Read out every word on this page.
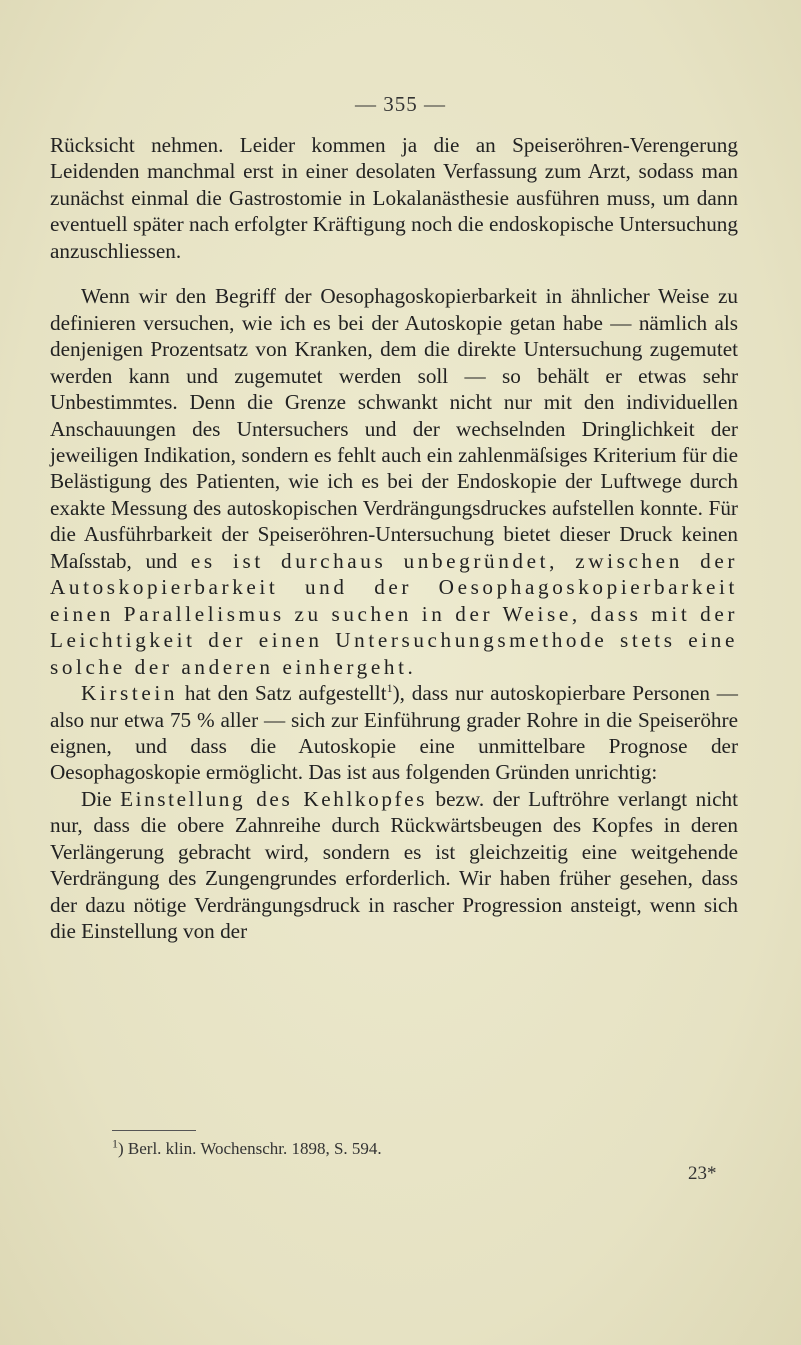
— 355 —

Rücksicht nehmen. Leider kommen ja die an Speiseröhren-Verengerung Leidenden manchmal erst in einer desolaten Verfassung zum Arzt, sodass man zunächst einmal die Gastrostomie in Lokalanästhesie ausführen muss, um dann eventuell später nach erfolgter Kräftigung noch die endoskopische Untersuchung anzuschliessen.

Wenn wir den Begriff der Oesophagoskopierbarkeit in ähnlicher Weise zu definieren versuchen, wie ich es bei der Autoskopie getan habe — nämlich als denjenigen Prozentsatz von Kranken, dem die direkte Untersuchung zugemutet werden kann und zugemutet werden soll — so behält er etwas sehr Unbestimmtes. Denn die Grenze schwankt nicht nur mit den individuellen Anschauungen des Untersuchers und der wechselnden Dringlichkeit der jeweiligen Indikation, sondern es fehlt auch ein zahlenmäſsiges Kriterium für die Belästigung des Patienten, wie ich es bei der Endoskopie der Luftwege durch exakte Messung des autoskopischen Verdrängungsdruckes aufstellen konnte. Für die Ausführbarkeit der Speiseröhren-Untersuchung bietet dieser Druck keinen Maſsstab, und es ist durchaus unbegründet, zwischen der Autoskopierbarkeit und der Oesophagoskopierbarkeit einen Parallelismus zu suchen in der Weise, dass mit der Leichtigkeit der einen Untersuchungsmethode stets eine solche der anderen einhergeht.

Kirstein hat den Satz aufgestellt$^1$), dass nur autoskopierbare Personen — also nur etwa 75 % aller — sich zur Einführung grader Rohre in die Speiseröhre eignen, und dass die Autoskopie eine unmittelbare Prognose der Oesophagoskopie ermöglicht. Das ist aus folgenden Gründen unrichtig:

Die Einstellung des Kehlkopfes bezw. der Luftröhre verlangt nicht nur, dass die obere Zahnreihe durch Rückwärtsbeugen des Kopfes in deren Verlängerung gebracht wird, sondern es ist gleichzeitig eine weitgehende Verdrängung des Zungengrundes erforderlich. Wir haben früher gesehen, dass der dazu nötige Verdrängungsdruck in rascher Progression ansteigt, wenn sich die Einstellung von der

$^1$) Berl. klin. Wochenschr. 1898, S. 594.
23*
